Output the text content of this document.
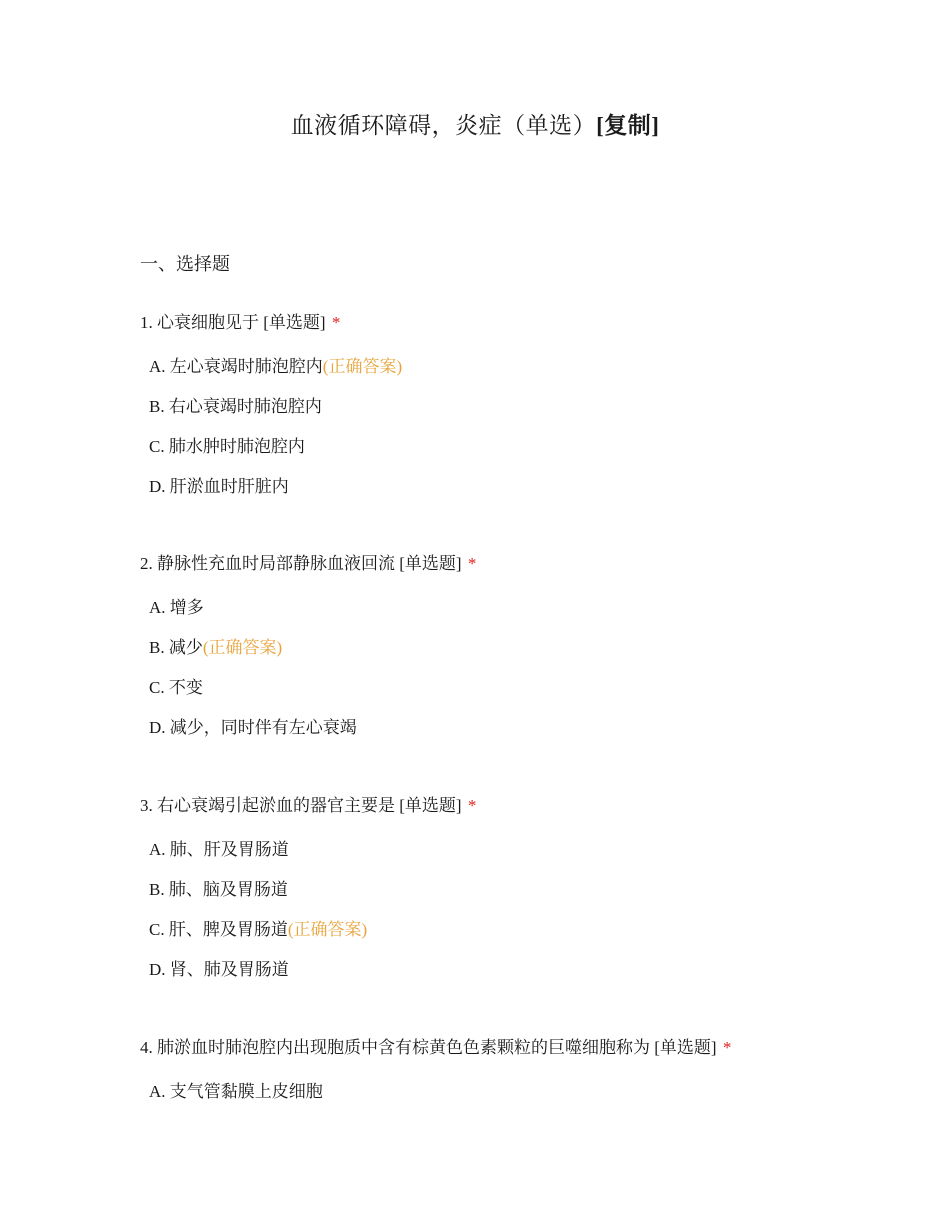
血液循环障碍，炎症（单选）[复制]
一、选择题

1. 心衰细胞见于 [单选题] *

A. 左心衰竭时肺泡腔内(正确答案)
B. 右心衰竭时肺泡腔内
C. 肺水肿时肺泡腔内
D. 肝淤血时肝脏内

2. 静脉性充血时局部静脉血液回流 [单选题] *

A. 增多
B. 减少(正确答案)
C. 不变
D. 减少，同时伴有左心衰竭

3. 右心衰竭引起淤血的器官主要是 [单选题] *

A. 肺、肝及胃肠道
B. 肺、脑及胃肠道
C. 肝、脾及胃肠道(正确答案)
D. 肾、肺及胃肠道

4. 肺淤血时肺泡腔内出现胞质中含有棕黄色色素颗粒的巨噬细胞称为 [单选题] *

A. 支气管黏膜上皮细胞
